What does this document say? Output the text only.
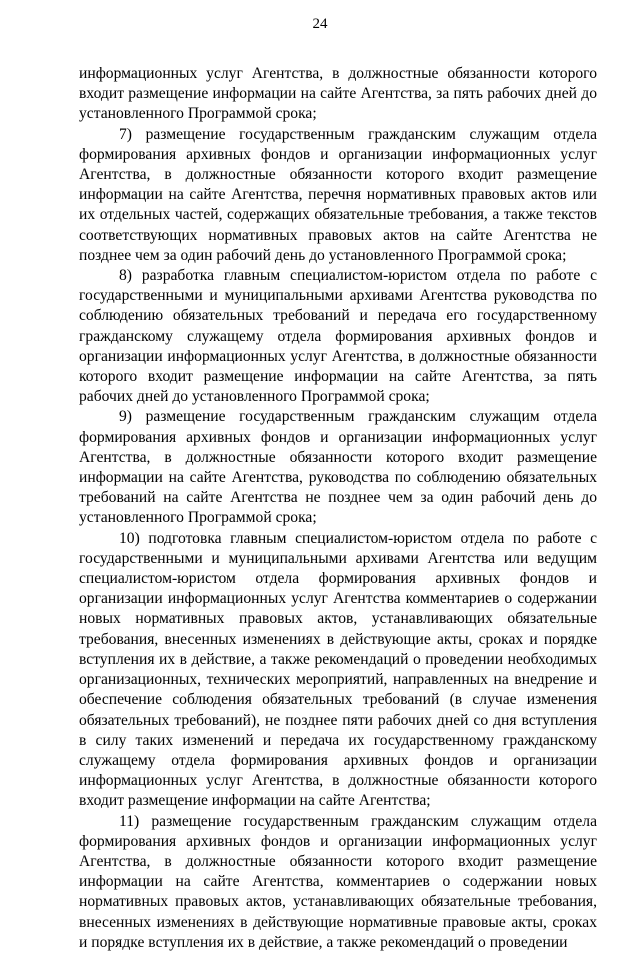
24

информационных услуг Агентства, в должностные обязанности которого входит размещение информации на сайте Агентства, за пять рабочих дней до установленного Программой срока;

7) размещение государственным гражданским служащим отдела формирования архивных фондов и организации информационных услуг Агентства, в должностные обязанности которого входит размещение информации на сайте Агентства, перечня нормативных правовых актов или их отдельных частей, содержащих обязательные требования, а также текстов соответствующих нормативных правовых актов на сайте Агентства не позднее чем за один рабочий день до установленного Программой срока;

8) разработка главным специалистом-юристом отдела по работе с государственными и муниципальными архивами Агентства руководства по соблюдению обязательных требований и передача его государственному гражданскому служащему отдела формирования архивных фондов и организации информационных услуг Агентства, в должностные обязанности которого входит размещение информации на сайте Агентства, за пять рабочих дней до установленного Программой срока;

9) размещение государственным гражданским служащим отдела формирования архивных фондов и организации информационных услуг Агентства, в должностные обязанности которого входит размещение информации на сайте Агентства, руководства по соблюдению обязательных требований на сайте Агентства не позднее чем за один рабочий день до установленного Программой срока;

10) подготовка главным специалистом-юристом отдела по работе с государственными и муниципальными архивами Агентства или ведущим специалистом-юристом отдела формирования архивных фондов и организации информационных услуг Агентства комментариев о содержании новых нормативных правовых актов, устанавливающих обязательные требования, внесенных изменениях в действующие акты, сроках и порядке вступления их в действие, а также рекомендаций о проведении необходимых организационных, технических мероприятий, направленных на внедрение и обеспечение соблюдения обязательных требований (в случае изменения обязательных требований), не позднее пяти рабочих дней со дня вступления в силу таких изменений и передача их государственному гражданскому служащему отдела формирования архивных фондов и организации информационных услуг Агентства, в должностные обязанности которого входит размещение информации на сайте Агентства;

11) размещение государственным гражданским служащим отдела формирования архивных фондов и организации информационных услуг Агентства, в должностные обязанности которого входит размещение информации на сайте Агентства, комментариев о содержании новых нормативных правовых актов, устанавливающих обязательные требования, внесенных изменениях в действующие нормативные правовые акты, сроках и порядке вступления их в действие, а также рекомендаций о проведении
